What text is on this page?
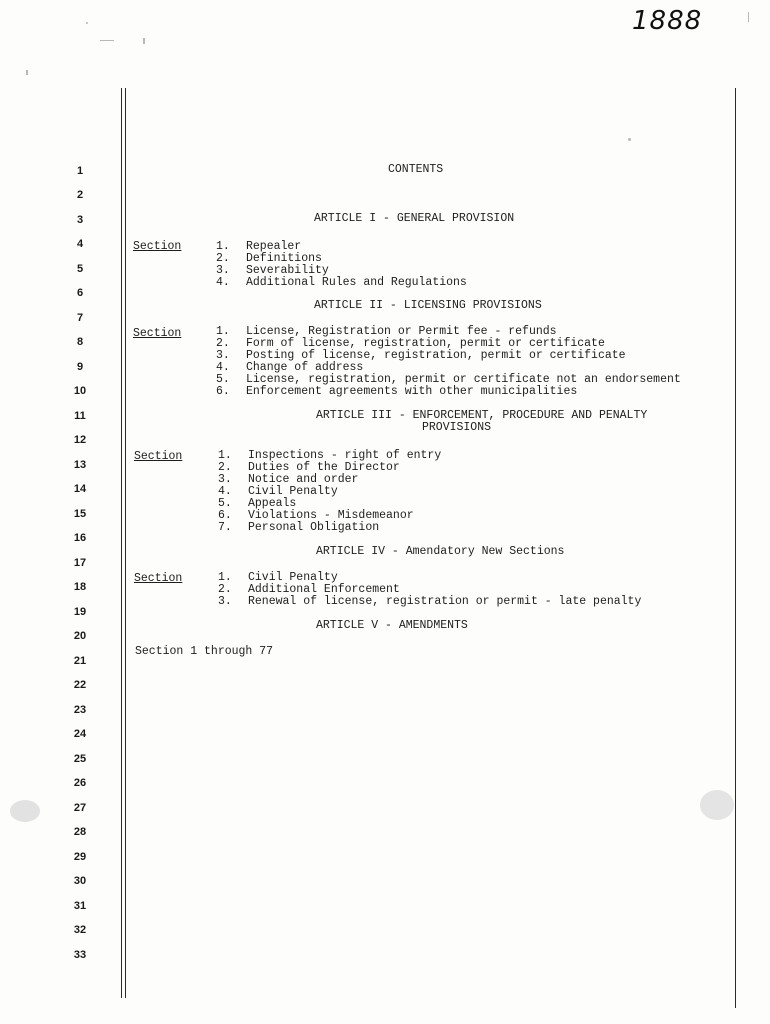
1888
1
2
3
4
5
6
7
8
9
10
11
12
13
14
15
16
17
18
19
20
21
22
23
24
25
26
27
28
29
30
31
32
33
CONTENTS
ARTICLE I - GENERAL PROVISION
Section	1. Repealer
2. Definitions
3. Severability
4. Additional Rules and Regulations
ARTICLE II - LICENSING PROVISIONS
Section	1. License, Registration or Permit fee - refunds
2. Form of license, registration, permit or certificate
3. Posting of license, registration, permit or certificate
4. Change of address
5. License, registration, permit or certificate not an endorsement
6. Enforcement agreements with other municipalities
ARTICLE III - ENFORCEMENT, PROCEDURE AND PENALTY
PROVISIONS
Section	1. Inspections - right of entry
2. Duties of the Director
3. Notice and order
4. Civil Penalty
5. Appeals
6. Violations - Misdemeanor
7. Personal Obligation
ARTICLE IV - Amendatory New Sections
Section	1. Civil Penalty
2. Additional Enforcement
3. Renewal of license, registration or permit - late penalty
ARTICLE V - AMENDMENTS
Section 1 through 77
